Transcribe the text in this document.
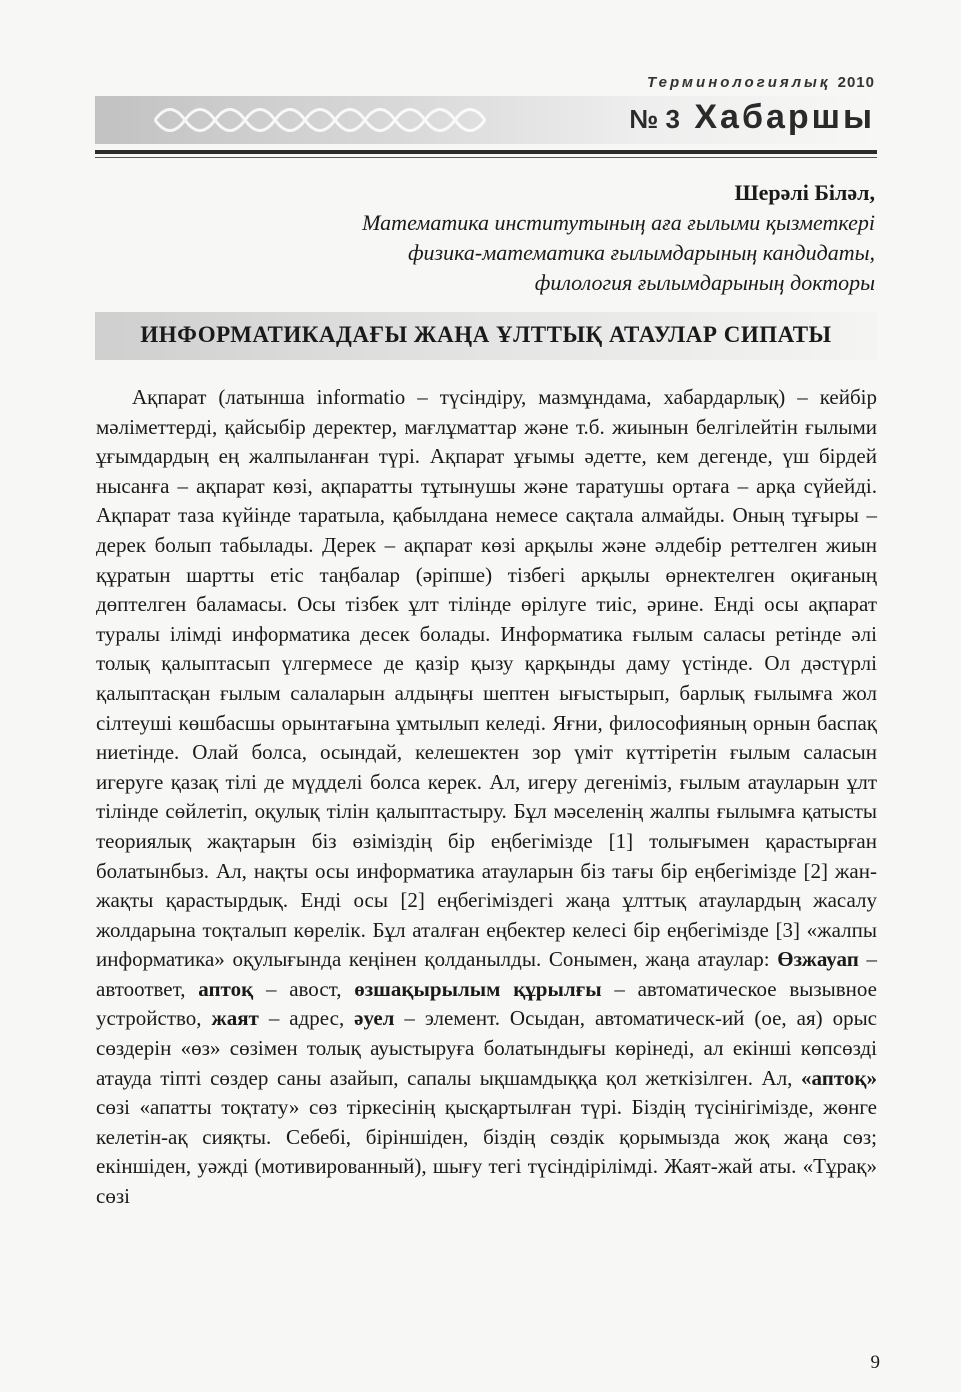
Терминологиялық 2010
№ 3 Хабаршы
Шерәлі Біләл,
Математика институтының аға ғылыми қызметкері
физика-математика ғылымдарының кандидаты,
филология ғылымдарының докторы
ИНФОРМАТИКАДАҒЫ ЖАҢА ҰЛТТЫҚ АТАУЛАР СИПАТЫ

Ақпарат (латынша informatio – түсіндіру, мазмұндама, хабардарлық) – кейбір мәліметтерді, қайсыбір деректер, мағлұматтар және т.б. жиынын белгілейтін ғылыми ұғымдардың ең жалпыланған түрі. Ақпарат ұғымы әдетте, кем дегенде, үш бірдей нысанға – ақпарат көзі, ақпаратты тұтынушы және таратушы ортаға – арқа сүйейді. Ақпарат таза күйінде таратыла, қабылдана немесе сақтала алмайды. Оның тұғыры – дерек болып табылады. Дерек – ақпарат көзі арқылы және әлдебір реттелген жиын құратын шартты етіс таңбалар (әріпше) тізбегі арқылы өрнектелген оқиғаның дөптелген баламасы. Осы тізбек ұлт тілінде өрілуге тиіс, әрине. Енді осы ақпарат туралы ілімді информатика десек болады. Информатика ғылым саласы ретінде әлі толық қалыптасып үлгермесе де қазір қызу қарқынды даму үстінде. Ол дәстүрлі қалыптасқан ғылым салаларын алдыңғы шептен ығыстырып, барлық ғылымға жол сілтеуші көшбасшы орынтағына ұмтылып келеді. Яғни, философияның орнын баспақ ниетінде. Олай болса, осындай, келешектен зор үміт күттіретін ғылым саласын игеруге қазақ тілі де мүдделі болса керек. Ал, игеру дегеніміз, ғылым атауларын ұлт тілінде сөйлетіп, оқулық тілін қалыптастыру. Бұл мәселенің жалпы ғылымға қатысты теориялық жақтарын біз өзіміздің бір еңбегімізде [1] толығымен қарастырған болатынбыз. Ал, нақты осы информатика атауларын біз тағы бір еңбегімізде [2] жан-жақты қарастырдық. Енді осы [2] еңбегіміздегі жаңа ұлттық атаулардың жасалу жолдарына тоқталып көрелік. Бұл аталған еңбектер келесі бір еңбегімізде [3] «жалпы информатика» оқулығында кеңінен қолданылды. Сонымен, жаңа атаулар: Өзжауап – автоответ, аптоқ – авост, өзшақырылым құрылғы – автоматическое вызывное устройство, жаят – адрес, әуел – элемент. Осыдан, автоматическ-ий (ое, ая) орыс сөздерін «өз» сөзімен толық ауыстыруға болатындығы көрінеді, ал екінші көпсөзді атауда тіпті сөздер саны азайып, сапалы ықшамдыққа қол жеткізілген. Ал, «аптоқ» сөзі «апатты тоқтату» сөз тіркесінің қысқартылған түрі. Біздің түсінігімізде, жөнге келетін-ақ сияқты. Себебі, біріншіден, біздің сөздік қорымызда жоқ жаңа сөз; екіншіден, уәжді (мотивированный), шығу тегі түсіндірілімді. Жаят-жай аты. «Тұрақ» сөзі

9
